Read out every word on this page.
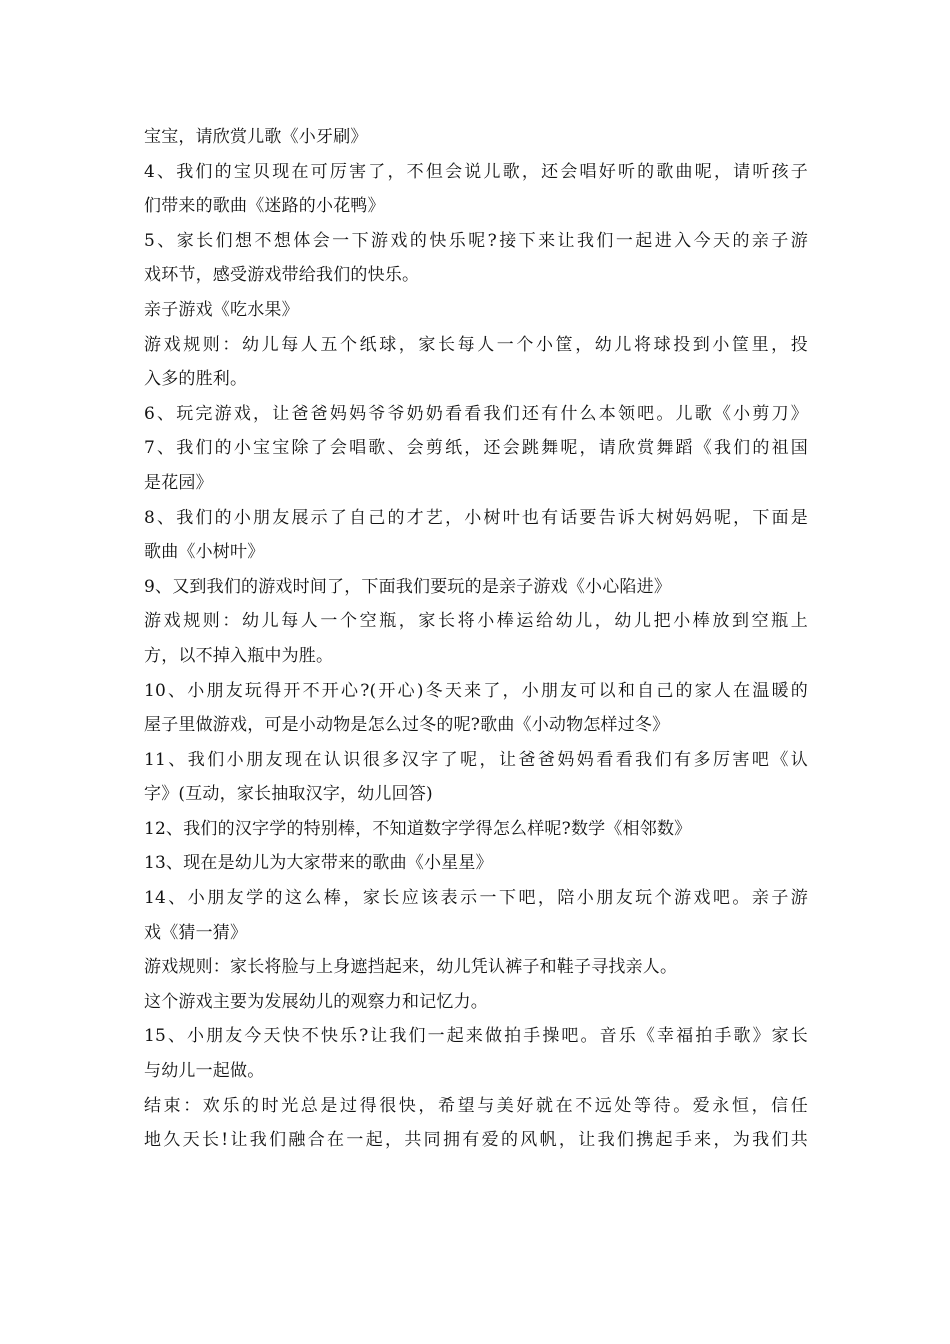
宝宝，请欣赏儿歌《小牙刷》
4、我们的宝贝现在可厉害了，不但会说儿歌，还会唱好听的歌曲呢，请听孩子
们带来的歌曲《迷路的小花鸭》
5、家长们想不想体会一下游戏的快乐呢?接下来让我们一起进入今天的亲子游
戏环节，感受游戏带给我们的快乐。
亲子游戏《吃水果》
游戏规则：幼儿每人五个纸球，家长每人一个小筐，幼儿将球投到小筐里，投
入多的胜利。
6、玩完游戏，让爸爸妈妈爷爷奶奶看看我们还有什么本领吧。儿歌《小剪刀》
7、我们的小宝宝除了会唱歌、会剪纸，还会跳舞呢，请欣赏舞蹈《我们的祖国
是花园》
8、我们的小朋友展示了自己的才艺，小树叶也有话要告诉大树妈妈呢，下面是
歌曲《小树叶》
9、又到我们的游戏时间了，下面我们要玩的是亲子游戏《小心陷进》
游戏规则：幼儿每人一个空瓶，家长将小棒运给幼儿，幼儿把小棒放到空瓶上
方，以不掉入瓶中为胜。
10、小朋友玩得开不开心?(开心)冬天来了，小朋友可以和自己的家人在温暖的
屋子里做游戏，可是小动物是怎么过冬的呢?歌曲《小动物怎样过冬》
11、我们小朋友现在认识很多汉字了呢，让爸爸妈妈看看我们有多厉害吧《认
字》(互动，家长抽取汉字，幼儿回答)
12、我们的汉字学的特别棒，不知道数字学得怎么样呢?数学《相邻数》
13、现在是幼儿为大家带来的歌曲《小星星》
14、小朋友学的这么棒，家长应该表示一下吧，陪小朋友玩个游戏吧。亲子游
戏《猜一猜》
游戏规则：家长将脸与上身遮挡起来，幼儿凭认裤子和鞋子寻找亲人。
这个游戏主要为发展幼儿的观察力和记忆力。
15、小朋友今天快不快乐?让我们一起来做拍手操吧。音乐《幸福拍手歌》家长
与幼儿一起做。
结束：欢乐的时光总是过得很快，希望与美好就在不远处等待。爱永恒，信任
地久天长!让我们融合在一起，共同拥有爱的风帆，让我们携起手来，为我们共
